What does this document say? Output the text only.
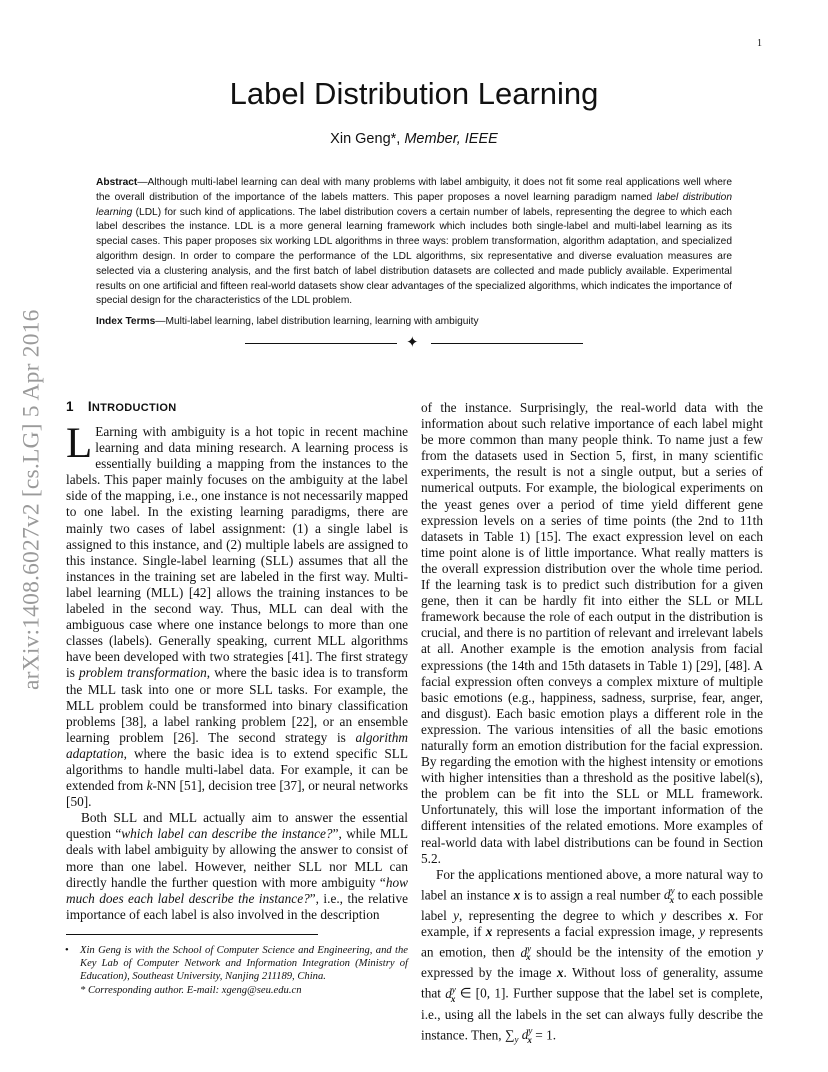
1
arXiv:1408.6027v2 [cs.LG] 5 Apr 2016
Label Distribution Learning
Xin Geng*, Member, IEEE
Abstract—Although multi-label learning can deal with many problems with label ambiguity, it does not fit some real applications well where the overall distribution of the importance of the labels matters. This paper proposes a novel learning paradigm named label distribution learning (LDL) for such kind of applications. The label distribution covers a certain number of labels, representing the degree to which each label describes the instance. LDL is a more general learning framework which includes both single-label and multi-label learning as its special cases. This paper proposes six working LDL algorithms in three ways: problem transformation, algorithm adaptation, and specialized algorithm design. In order to compare the performance of the LDL algorithms, six representative and diverse evaluation measures are selected via a clustering analysis, and the first batch of label distribution datasets are collected and made publicly available. Experimental results on one artificial and fifteen real-world datasets show clear advantages of the specialized algorithms, which indicates the importance of special design for the characteristics of the LDL problem.
Index Terms—Multi-label learning, label distribution learning, learning with ambiguity
✦
1 INTRODUCTION

L Earning with ambiguity is a hot topic in recent machine learning and data mining research. A learning process is essentially building a mapping from the instances to the labels. This paper mainly focuses on the ambiguity at the label side of the mapping, i.e., one instance is not necessarily mapped to one label. In the existing learning paradigms, there are mainly two cases of label assignment: (1) a single label is assigned to this instance, and (2) multiple labels are assigned to this instance. Single-label learning (SLL) assumes that all the instances in the training set are labeled in the first way. Multi-label learning (MLL) [42] allows the training instances to be labeled in the second way. Thus, MLL can deal with the ambiguous case where one instance belongs to more than one classes (labels). Generally speaking, current MLL algorithms have been developed with two strategies [41]. The first strategy is problem transformation, where the basic idea is to transform the MLL task into one or more SLL tasks. For example, the MLL problem could be transformed into binary classification problems [38], a label ranking problem [22], or an ensemble learning problem [26]. The second strategy is algorithm adaptation, where the basic idea is to extend specific SLL algorithms to handle multi-label data. For example, it can be extended from k-NN [51], decision tree [37], or neural networks [50].

Both SLL and MLL actually aim to answer the essential question “which label can describe the instance?”, while MLL deals with label ambiguity by allowing the answer to consist of more than one label. However, neither SLL nor MLL can directly handle the further question with more ambiguity “how much does each label describe the instance?”, i.e., the relative importance of each label is also involved in the description

• Xin Geng is with the School of Computer Science and Engineering, and the Key Lab of Computer Network and Information Integration (Ministry of Education), Southeast University, Nanjing 211189, China.
* Corresponding author. E-mail: xgeng@seu.edu.cn

of the instance. Surprisingly, the real-world data with the information about such relative importance of each label might be more common than many people think. To name just a few from the datasets used in Section 5, first, in many scientific experiments, the result is not a single output, but a series of numerical outputs. For example, the biological experiments on the yeast genes over a period of time yield different gene expression levels on a series of time points (the 2nd to 11th datasets in Table 1) [15]. The exact expression level on each time point alone is of little importance. What really matters is the overall expression distribution over the whole time period. If the learning task is to predict such distribution for a given gene, then it can be hardly fit into either the SLL or MLL framework because the role of each output in the distribution is crucial, and there is no partition of relevant and irrelevant labels at all. Another example is the emotion analysis from facial expressions (the 14th and 15th datasets in Table 1) [29], [48]. A facial expression often conveys a complex mixture of multiple basic emotions (e.g., happiness, sadness, surprise, fear, anger, and disgust). Each basic emotion plays a different role in the expression. The various intensities of all the basic emotions naturally form an emotion distribution for the facial expression. By regarding the emotion with the highest intensity or emotions with higher intensities than a threshold as the positive label(s), the problem can be fit into the SLL or MLL framework. Unfortunately, this will lose the important information of the different intensities of the related emotions. More examples of real-world data with label distributions can be found in Section 5.2.

For the applications mentioned above, a more natural way to label an instance x is to assign a real number $d^y_x$ to each possible label y, representing the degree to which y describes x. For example, if x represents a facial expression image, y represents an emotion, then $d^y_x$ should be the intensity of the emotion y expressed by the image x. Without loss of generality, assume that $d^y_x$ ∈ [0, 1]. Further suppose that the label set is complete, i.e., using all the labels in the set can always fully describe the instance. Then, $\sum_y$ $d^y_x = 1$.
